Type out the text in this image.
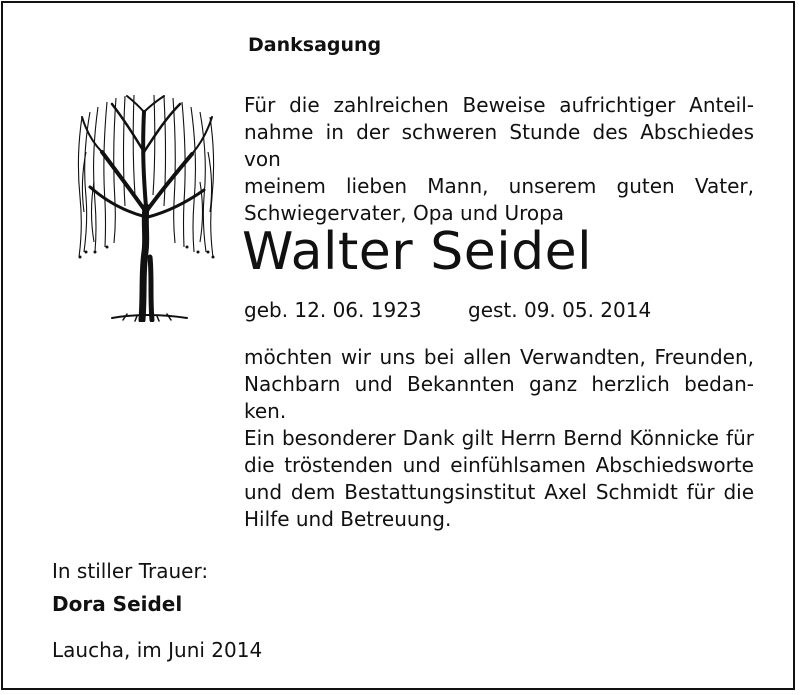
Danksagung
Für die zahlreichen Beweise aufrichtiger Anteil-
nahme in der schweren Stunde des Abschiedes von
meinem lieben Mann, unserem guten Vater,
Schwiegervater, Opa und Uropa
Walter Seidel
geb. 12. 06. 1923 gest. 09. 05. 2014
möchten wir uns bei allen Verwandten, Freunden,
Nachbarn und Bekannten ganz herzlich bedan-
ken.
Ein besonderer Dank gilt Herrn Bernd Könnicke für
die tröstenden und einfühlsamen Abschiedsworte
und dem Bestattungsinstitut Axel Schmidt für die
Hilfe und Betreuung.
In stiller Trauer:
Dora Seidel
Laucha, im Juni 2014
